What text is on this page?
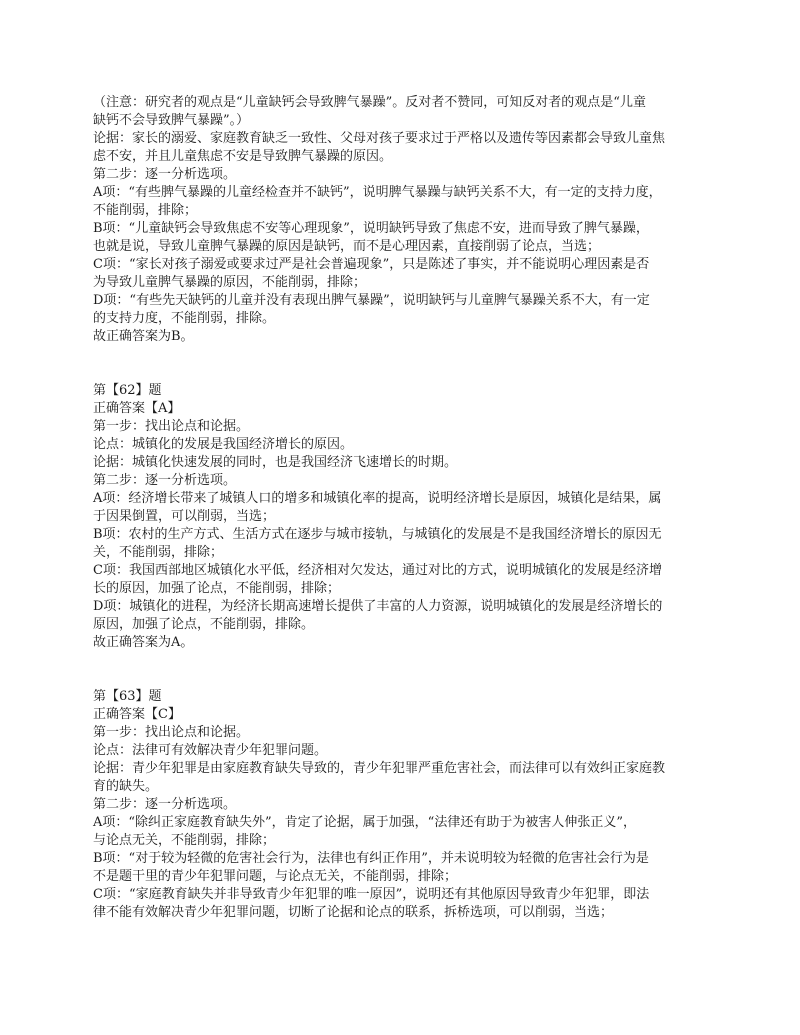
（注意：研究者的观点是“儿童缺钙会导致脾气暴躁”。反对者不赞同，可知反对者的观点是“儿童
缺钙不会导致脾气暴躁”。）
论据：家长的溺爱、家庭教育缺乏一致性、父母对孩子要求过于严格以及遗传等因素都会导致儿童焦
虑不安，并且儿童焦虑不安是导致脾气暴躁的原因。
第二步：逐一分析选项。
A项：“有些脾气暴躁的儿童经检查并不缺钙”，说明脾气暴躁与缺钙关系不大，有一定的支持力度，
不能削弱，排除；
B项：“儿童缺钙会导致焦虑不安等心理现象”，说明缺钙导致了焦虑不安，进而导致了脾气暴躁，
也就是说，导致儿童脾气暴躁的原因是缺钙，而不是心理因素，直接削弱了论点，当选；
C项：“家长对孩子溺爱或要求过严是社会普遍现象”，只是陈述了事实，并不能说明心理因素是否
为导致儿童脾气暴躁的原因，不能削弱，排除；
D项：“有些先天缺钙的儿童并没有表现出脾气暴躁”，说明缺钙与儿童脾气暴躁关系不大，有一定
的支持力度，不能削弱，排除。
故正确答案为B。
第【62】题
正确答案【A】
第一步：找出论点和论据。
论点：城镇化的发展是我国经济增长的原因。
论据：城镇化快速发展的同时，也是我国经济飞速增长的时期。
第二步：逐一分析选项。
A项：经济增长带来了城镇人口的增多和城镇化率的提高，说明经济增长是原因，城镇化是结果，属
于因果倒置，可以削弱，当选；
B项：农村的生产方式、生活方式在逐步与城市接轨，与城镇化的发展是不是我国经济增长的原因无
关，不能削弱，排除；
C项：我国西部地区城镇化水平低，经济相对欠发达，通过对比的方式，说明城镇化的发展是经济增
长的原因，加强了论点，不能削弱，排除；
D项：城镇化的进程，为经济长期高速增长提供了丰富的人力资源，说明城镇化的发展是经济增长的
原因，加强了论点，不能削弱，排除。
故正确答案为A。
第【63】题
正确答案【C】
第一步：找出论点和论据。
论点：法律可有效解决青少年犯罪问题。
论据：青少年犯罪是由家庭教育缺失导致的，青少年犯罪严重危害社会，而法律可以有效纠正家庭教
育的缺失。
第二步：逐一分析选项。
A项：“除纠正家庭教育缺失外”，肯定了论据，属于加强，“法律还有助于为被害人伸张正义”，
与论点无关，不能削弱，排除；
B项：“对于较为轻微的危害社会行为，法律也有纠正作用”，并未说明较为轻微的危害社会行为是
不是题干里的青少年犯罪问题，与论点无关，不能削弱，排除；
C项：“家庭教育缺失并非导致青少年犯罪的唯一原因”，说明还有其他原因导致青少年犯罪，即法
律不能有效解决青少年犯罪问题，切断了论据和论点的联系，拆桥选项，可以削弱，当选；
